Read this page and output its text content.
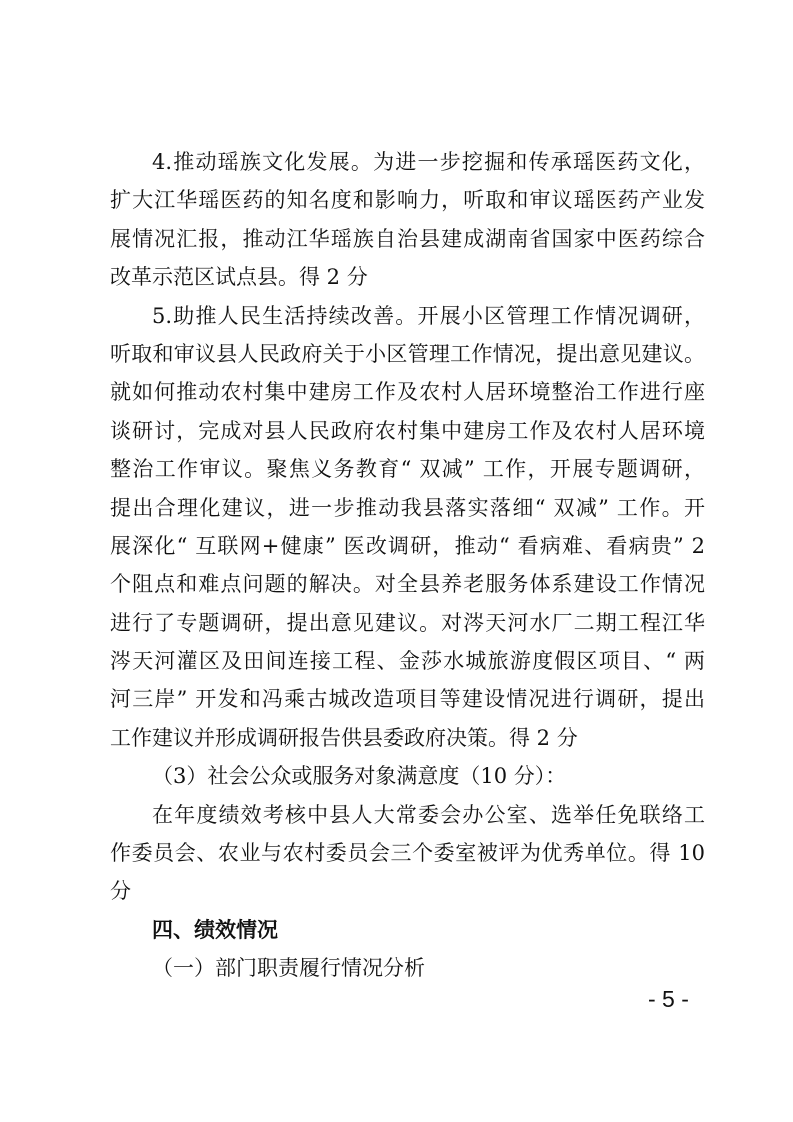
4.推动瑶族文化发展。为进一步挖掘和传承瑶医药文化，
扩大江华瑶医药的知名度和影响力，听取和审议瑶医药产业发
展情况汇报，推动江华瑶族自治县建成湖南省国家中医药综合
改革示范区试点县。得 2 分
5.助推人民生活持续改善。开展小区管理工作情况调研，
听取和审议县人民政府关于小区管理工作情况，提出意见建议。
就如何推动农村集中建房工作及农村人居环境整治工作进行座
谈研讨，完成对县人民政府农村集中建房工作及农村人居环境
整治工作审议。聚焦义务教育“ 双减” 工作，开展专题调研，
提出合理化建议，进一步推动我县落实落细“ 双减” 工作。开
展深化“ 互联网+健康” 医改调研，推动“ 看病难、看病贵” 2
个阻点和难点问题的解决。对全县养老服务体系建设工作情况
进行了专题调研，提出意见建议。对涔天河水厂二期工程江华
涔天河灌区及田间连接工程、金莎水城旅游度假区项目、“ 两
河三岸” 开发和冯乘古城改造项目等建设情况进行调研，提出
工作建议并形成调研报告供县委政府决策。得 2 分
（3）社会公众或服务对象满意度（10 分）：
在年度绩效考核中县人大常委会办公室、选举任免联络工
作委员会、农业与农村委员会三个委室被评为优秀单位。得 10
分
四、绩效情况
（一）部门职责履行情况分析
- 5 -
